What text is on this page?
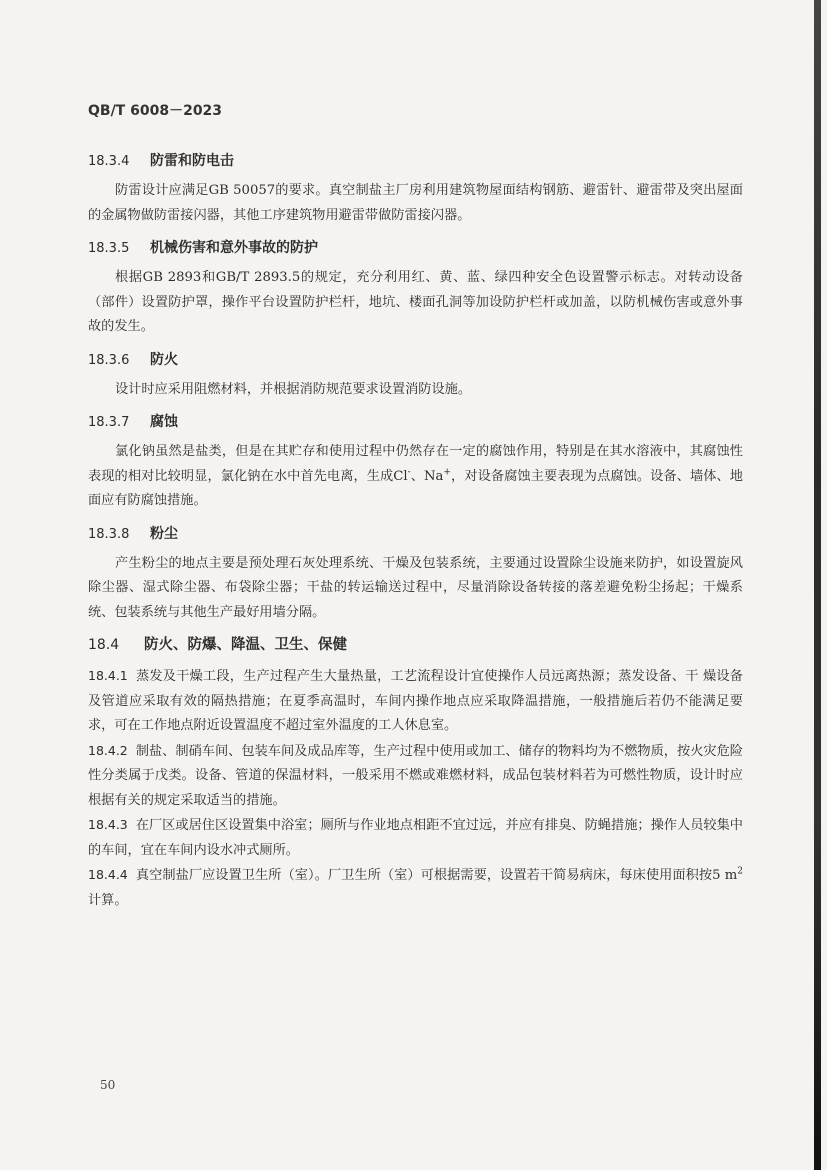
QB/T 6008－2023
18.3.4	防雷和防电击

防雷设计应满足GB 50057的要求。真空制盐主厂房利用建筑物屋面结构钢筋、避雷针、避雷带及突出屋面的金属物做防雷接闪器，其他工序建筑物用避雷带做防雷接闪器。

18.3.5	机械伤害和意外事故的防护

根据GB 2893和GB/T 2893.5的规定，充分利用红、黄、蓝、绿四种安全色设置警示标志。对转动设备（部件）设置防护罩，操作平台设置防护栏杆，地坑、楼面孔洞等加设防护栏杆或加盖，以防机械伤害或意外事故的发生。

18.3.6	防火

设计时应采用阻燃材料，并根据消防规范要求设置消防设施。

18.3.7	腐蚀

氯化钠虽然是盐类，但是在其贮存和使用过程中仍然存在一定的腐蚀作用，特别是在其水溶液中，其腐蚀性表现的相对比较明显，氯化钠在水中首先电离，生成Cl-、Na+，对设备腐蚀主要表现为点腐蚀。设备、墙体、地面应有防腐蚀措施。

18.3.8	粉尘

产生粉尘的地点主要是预处理石灰处理系统、干燥及包装系统，主要通过设置除尘设施来防护，如设置旋风除尘器、湿式除尘器、布袋除尘器；干盐的转运输送过程中，尽量消除设备转接的落差避免粉尘扬起；干燥系统、包装系统与其他生产最好用墙分隔。

18.4	防火、防爆、降温、卫生、保健

18.4.1 蒸发及干燥工段，生产过程产生大量热量，工艺流程设计宜使操作人员远离热源；蒸发设备、干 燥设备及管道应采取有效的隔热措施；在夏季高温时，车间内操作地点应采取降温措施，一般措施后若仍不能满足要求，可在工作地点附近设置温度不超过室外温度的工人休息室。

18.4.2 制盐、制硝车间、包装车间及成品库等，生产过程中使用或加工、储存的物料均为不燃物质，按火灾危险性分类属于戊类。设备、管道的保温材料，一般采用不燃或难燃材料，成品包装材料若为可燃性物质，设计时应根据有关的规定采取适当的措施。

18.4.3 在厂区或居住区设置集中浴室；厕所与作业地点相距不宜过远，并应有排臭、防蝇措施；操作人员较集中的车间，宜在车间内设水冲式厕所。

18.4.4 真空制盐厂应设置卫生所（室）。厂卫生所（室）可根据需要，设置若干简易病床，每床使用面积按5 $m^2$计算。

50
